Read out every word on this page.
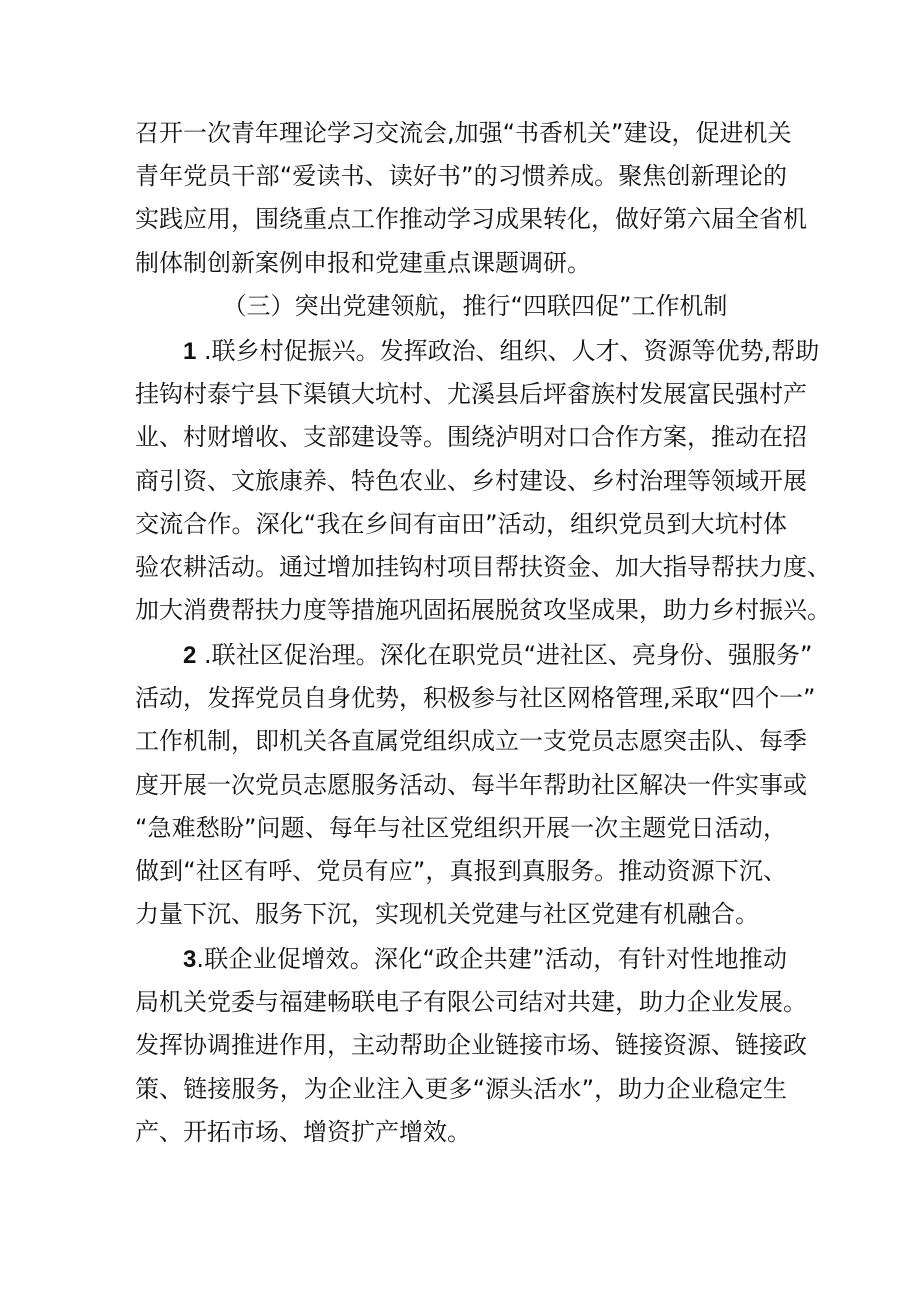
召开一次青年理论学习交流会,加强“书香机关”建设，促进机关
青年党员干部“爱读书、读好书”的习惯养成。聚焦创新理论的
实践应用，围绕重点工作推动学习成果转化，做好第六届全省机
制体制创新案例申报和党建重点课题调研。
（三）突出党建领航，推行“四联四促”工作机制
1 .联乡村促振兴。发挥政治、组织、人才、资源等优势,帮助
挂钩村泰宁县下渠镇大坑村、尤溪县后坪畲族村发展富民强村产
业、村财增收、支部建设等。围绕泸明对口合作方案，推动在招
商引资、文旅康养、特色农业、乡村建设、乡村治理等领域开展
交流合作。深化“我在乡间有亩田”活动，组织党员到大坑村体
验农耕活动。通过增加挂钩村项目帮扶资金、加大指导帮扶力度、
加大消费帮扶力度等措施巩固拓展脱贫攻坚成果，助力乡村振兴。
2 .联社区促治理。深化在职党员“进社区、亮身份、强服务”
活动，发挥党员自身优势，积极参与社区网格管理,采取“四个一”
工作机制，即机关各直属党组织成立一支党员志愿突击队、每季
度开展一次党员志愿服务活动、每半年帮助社区解决一件实事或
“急难愁盼”问题、每年与社区党组织开展一次主题党日活动，
做到“社区有呼、党员有应”，真报到真服务。推动资源下沉、
力量下沉、服务下沉，实现机关党建与社区党建有机融合。
3.联企业促增效。深化“政企共建”活动，有针对性地推动
局机关党委与福建畅联电子有限公司结对共建，助力企业发展。
发挥协调推进作用，主动帮助企业链接市场、链接资源、链接政
策、链接服务，为企业注入更多“源头活水”，助力企业稳定生
产、开拓市场、增资扩产增效。
